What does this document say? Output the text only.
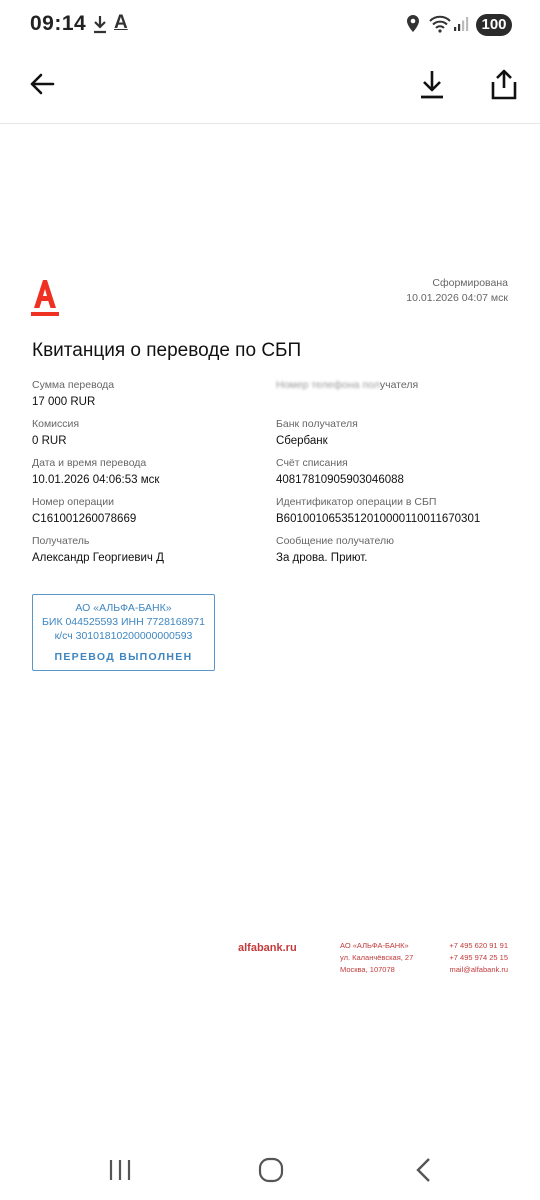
09:14 A	100
Сформирована
10.01.2026 04:07 мск
Квитанция о переводе по СБП
Сумма перевода
17 000 RUR
Комиссия
0 RUR
Дата и время перевода
10.01.2026 04:06:53 мск
Номер операции
C161001260078669
Получатель
Александр Георгиевич Д
Номер телефона получателя
Банк получателя
Сбербанк
Счёт списания
40817810905903046088
Идентификатор операции в СБП
B6010010653512010000110011670301
Сообщение получателю
За дрова. Приют.
АО «АЛЬФА-БАНК»
БИК 044525593 ИНН 7728168971
к/сч 30101810200000000593
ПЕРЕВОД ВЫПОЛНЕН
alfabank.ru	АО «АЛЬФА-БАНК»
ул. Каланчёвская, 27
Москва, 107078
+7 495 620 91 91
+7 495 974 25 15
mail@alfabank.ru
